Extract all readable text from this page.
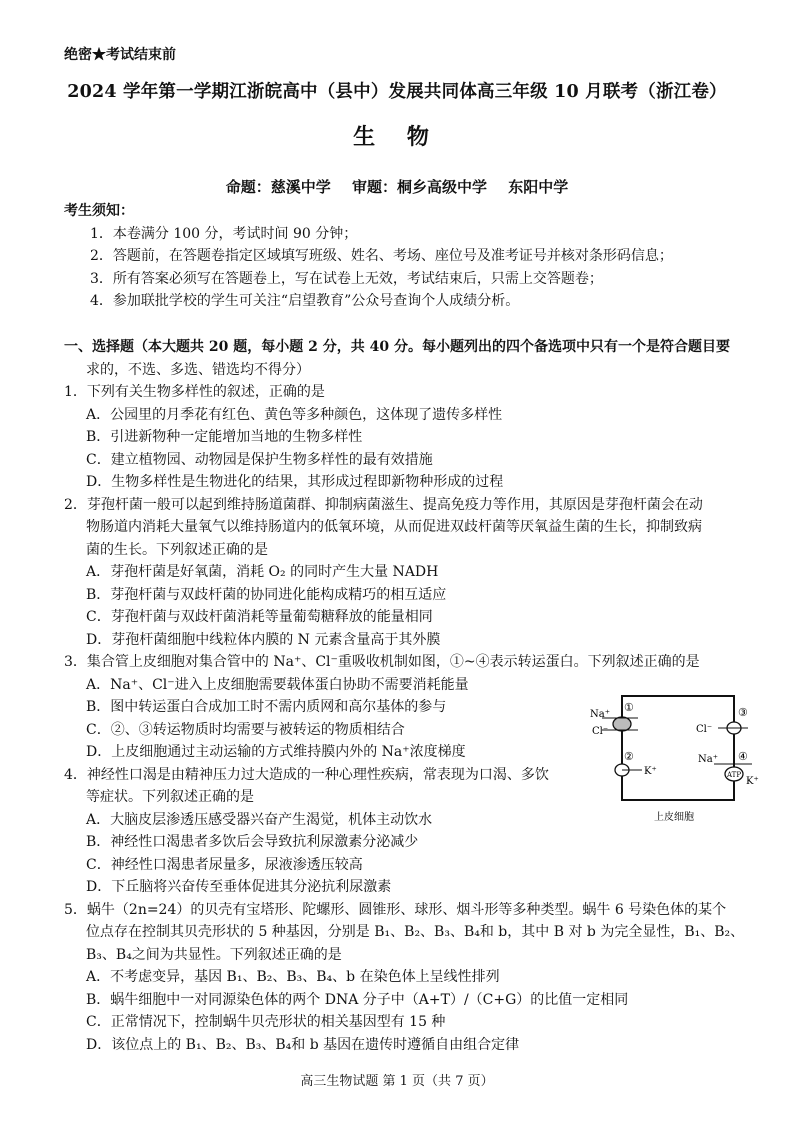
绝密★考试结束前
2024 学年第一学期江浙皖高中（县中）发展共同体高三年级 10 月联考（浙江卷）
生 物
命题：慈溪中学 审题：桐乡高级中学 东阳中学
考生须知：
1．本卷满分 100 分，考试时间 90 分钟；
2．答题前，在答题卷指定区域填写班级、姓名、考场、座位号及准考证号并核对条形码信息；
3．所有答案必须写在答题卷上，写在试卷上无效，考试结束后，只需上交答题卷；
4．参加联批学校的学生可关注“启望教育”公众号查询个人成绩分析。
一、选择题（本大题共 20 题，每小题 2 分，共 40 分。每小题列出的四个备选项中只有一个是符合题目要
求的，不选、多选、错选均不得分）
1．下列有关生物多样性的叙述，正确的是
A．公园里的月季花有红色、黄色等多种颜色，这体现了遗传多样性
B．引进新物种一定能增加当地的生物多样性
C．建立植物园、动物园是保护生物多样性的最有效措施
D．生物多样性是生物进化的结果，其形成过程即新物种形成的过程
2．芽孢杆菌一般可以起到维持肠道菌群、抑制病菌滋生、提高免疫力等作用，其原因是芽孢杆菌会在动
物肠道内消耗大量氧气以维持肠道内的低氧环境，从而促进双歧杆菌等厌氧益生菌的生长，抑制致病
菌的生长。下列叙述正确的是
A．芽孢杆菌是好氧菌，消耗 O₂ 的同时产生大量 NADH
B．芽孢杆菌与双歧杆菌的协同进化能构成精巧的相互适应
C．芽孢杆菌与双歧杆菌消耗等量葡萄糖释放的能量相同
D．芽孢杆菌细胞中线粒体内膜的 N 元素含量高于其外膜
3．集合管上皮细胞对集合管中的 Na⁺、Cl⁻重吸收机制如图，①~④表示转运蛋白。下列叙述正确的是
A．Na⁺、Cl⁻进入上皮细胞需要载体蛋白协助不需要消耗能量
B．图中转运蛋白合成加工时不需内质网和高尔基体的参与
C．②、③转运物质时均需要与被转运的物质相结合
D．上皮细胞通过主动运输的方式维持膜内外的 Na⁺浓度梯度
4．神经性口渴是由精神压力过大造成的一种心理性疾病，常表现为口渴、多饮
等症状。下列叙述正确的是
A．大脑皮层渗透压感受器兴奋产生渴觉，机体主动饮水
B．神经性口渴患者多饮后会导致抗利尿激素分泌减少
C．神经性口渴患者尿量多，尿液渗透压较高
D．下丘脑将兴奋传至垂体促进其分泌抗利尿激素
5．蜗牛（2n=24）的贝壳有宝塔形、陀螺形、圆锥形、球形、烟斗形等多种类型。蜗牛 6 号染色体的某个
位点存在控制其贝壳形状的 5 种基因，分别是 B₁、B₂、B₃、B₄和 b，其中 B 对 b 为完全显性，B₁、B₂、
B₃、B₄之间为共显性。下列叙述正确的是
A．不考虑变异，基因 B₁、B₂、B₃、B₄、b 在染色体上呈线性排列
B．蜗牛细胞中一对同源染色体的两个 DNA 分子中（A+T）/（C+G）的比值一定相同
C．正常情况下，控制蜗牛贝壳形状的相关基因型有 15 种
D．该位点上的 B₁、B₂、B₃、B₄和 b 基因在遗传时遵循自由组合定律
①
Na⁺
Cl⁻
②
K⁺
③
Cl⁻
ATP
④
Na⁺
K⁺
上皮细胞
高三生物试题 第 1 页（共 7 页）
